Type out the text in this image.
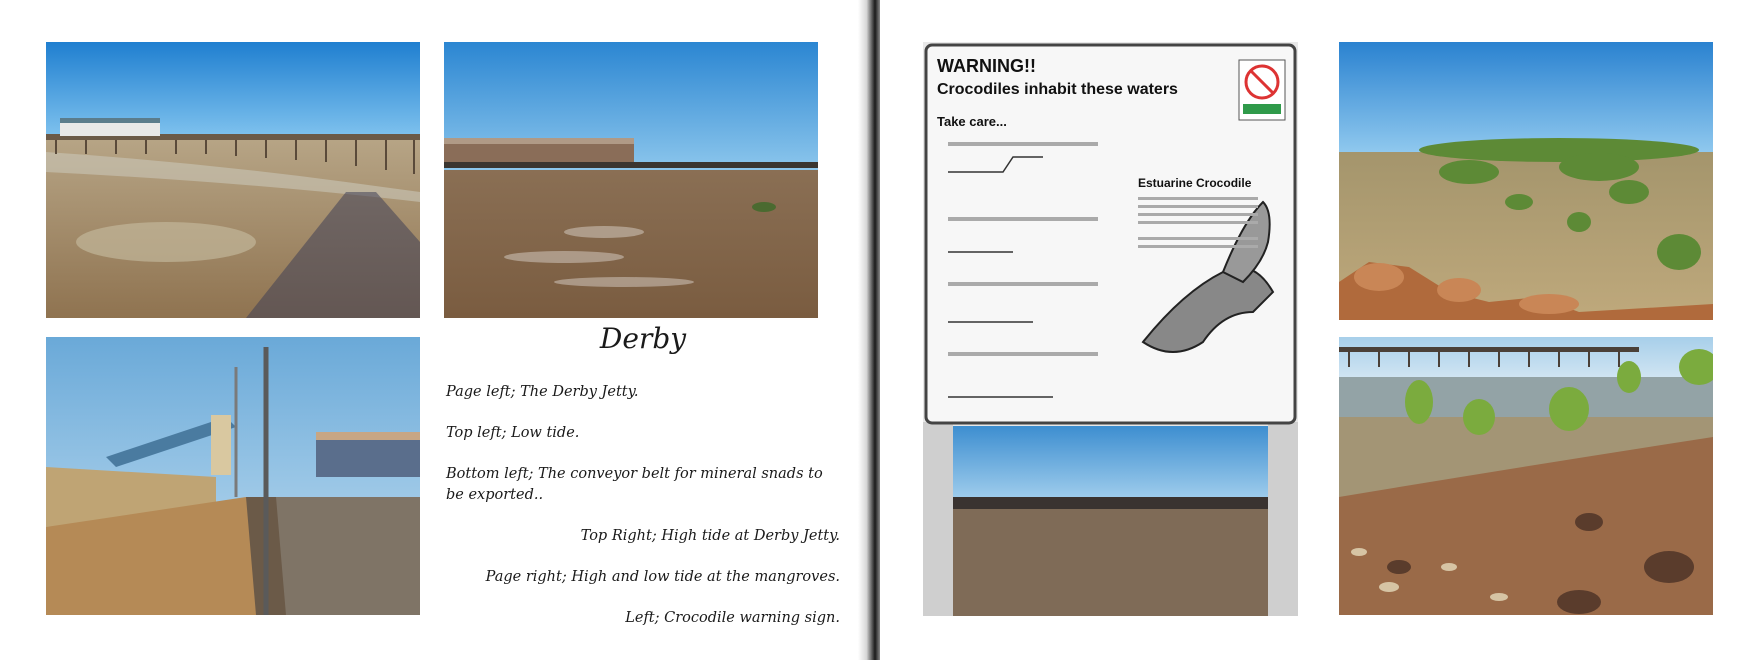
Derby
Page left; The Derby Jetty.
Top left; Low tide.
Bottom left; The conveyor belt for mineral snads to be exported..
Top Right; High tide at Derby Jetty.
Page right; High and low tide at the mangroves.
Left; Crocodile warning sign.
WARNING!!
Crocodiles inhabit these waters
Take care...
Estuarine Crocodile
